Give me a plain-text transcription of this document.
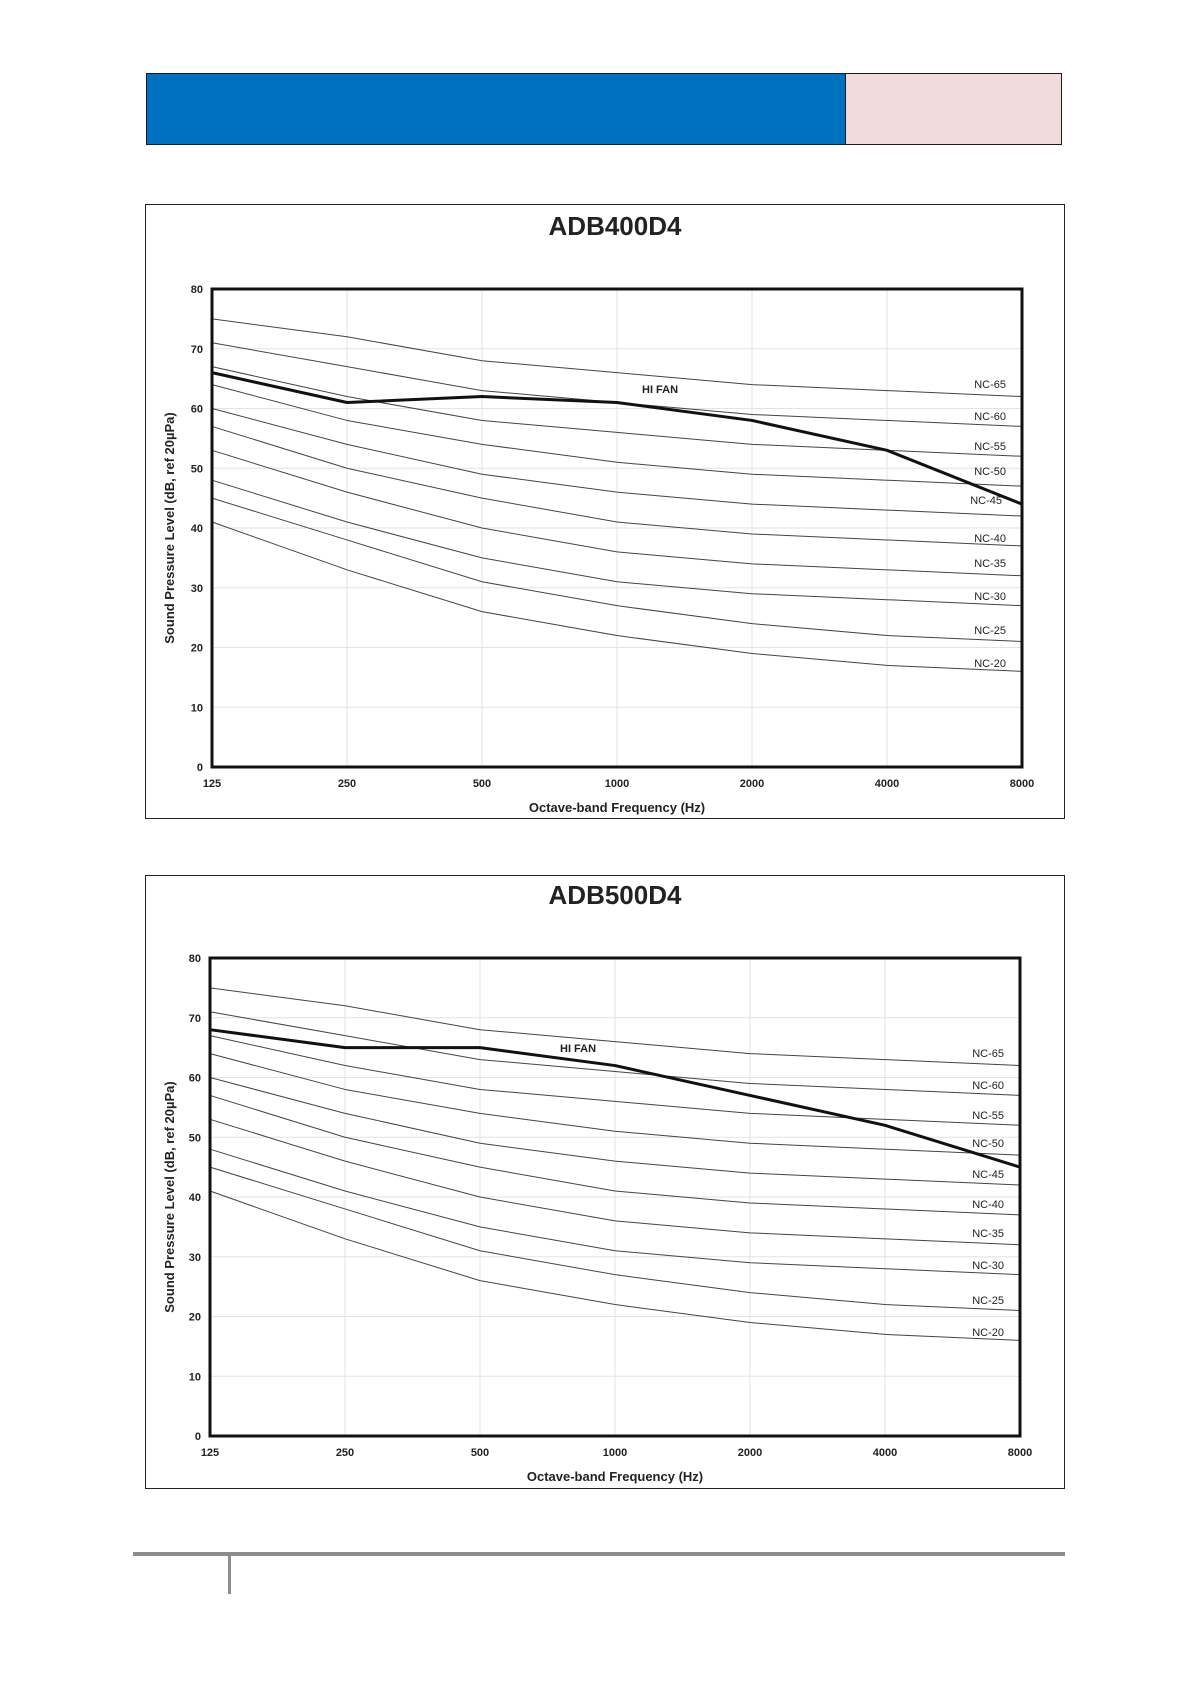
ADB400D4
0
10
20
30
40
50
60
70
80
125	250	500	1000	2000	4000	8000
Octave-band Frequency (Hz)
Sound Pressure Level (dB, ref 20µPa)
NC-65
NC-60
NC-55
NC-50
NC-45
NC-40
NC-35
NC-30
NC-25
NC-20
HI FAN
ADB500D4
0
10
20
30
40
50
60
70
80
125	250	500	1000	2000	4000	8000
Octave-band Frequency (Hz)
Sound Pressure Level (dB, ref 20µPa)
NC-65
NC-60
NC-55
NC-50
NC-45
NC-40
NC-35
NC-30
NC-25
NC-20
HI FAN
